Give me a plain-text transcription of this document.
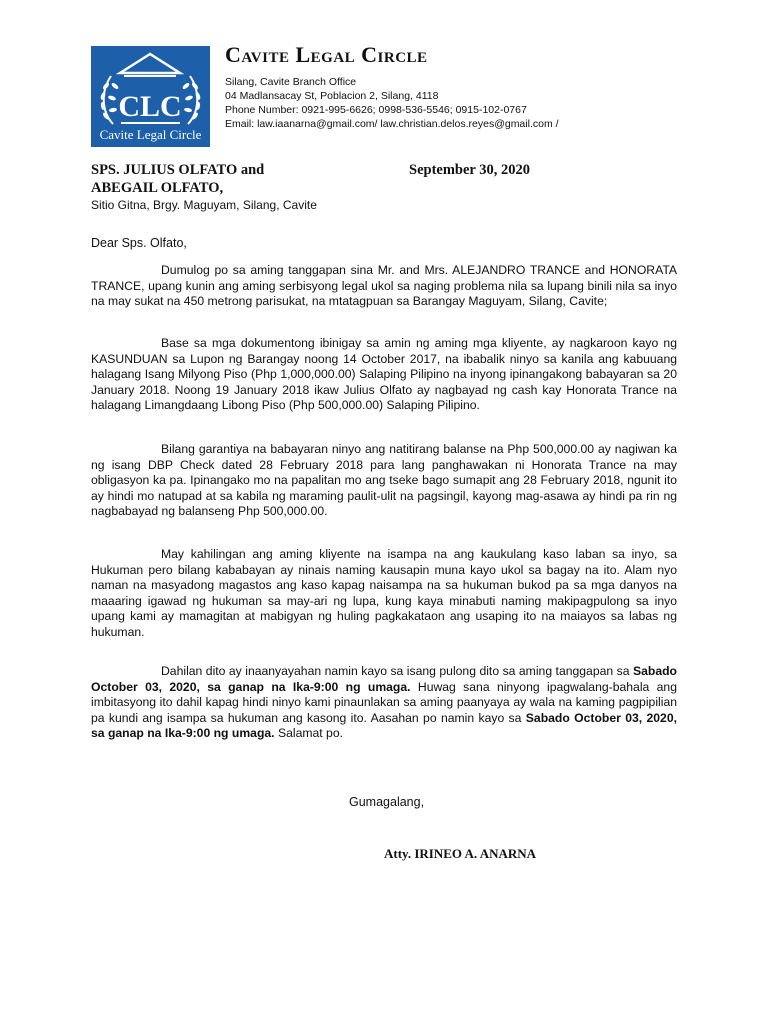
CLC
Cavite Legal Circle
Cavite Legal Circle
Silang, Cavite Branch Office
04 Madlansacay St, Poblacion 2, Silang, 4118
Phone Number: 0921-995-6626; 0998-536-5546; 0915-102-0767
Email: law.iaanarna@gmail.com/ law.christian.delos.reyes@gmail.com /
SPS. JULIUS OLFATO and	September 30, 2020
ABEGAIL OLFATO,
Sitio Gitna, Brgy. Maguyam, Silang, Cavite
Dear Sps. Olfato,

Dumulog po sa aming tanggapan sina Mr. and Mrs. ALEJANDRO TRANCE and HONORATA TRANCE, upang kunin ang aming serbisyong legal ukol sa naging problema nila sa lupang binili nila sa inyo na may sukat na 450 metrong parisukat, na mtatagpuan sa Barangay Maguyam, Silang, Cavite;

Base sa mga dokumentong ibinigay sa amin ng aming mga kliyente, ay nagkaroon kayo ng KASUNDUAN sa Lupon ng Barangay noong 14 October 2017, na ibabalik ninyo sa kanila ang kabuuang halagang Isang Milyong Piso (Php 1,000,000.00) Salaping Pilipino na inyong ipinangakong babayaran sa 20 January 2018. Noong 19 January 2018 ikaw Julius Olfato ay nagbayad ng cash kay Honorata Trance na halagang Limangdaang Libong Piso (Php 500,000.00) Salaping Pilipino.

Bilang garantiya na babayaran ninyo ang natitirang balanse na Php 500,000.00 ay nagiwan ka ng isang DBP Check dated 28 February 2018 para lang panghawakan ni Honorata Trance na may obligasyon ka pa. Ipinangako mo na papalitan mo ang tseke bago sumapit ang 28 February 2018, ngunit ito ay hindi mo natupad at sa kabila ng maraming paulit-ulit na pagsingil, kayong mag-asawa ay hindi pa rin ng nagbabayad ng balanseng Php 500,000.00.

May kahilingan ang aming kliyente na isampa na ang kaukulang kaso laban sa inyo, sa Hukuman pero bilang kababayan ay ninais naming kausapin muna kayo ukol sa bagay na ito. Alam nyo naman na masyadong magastos ang kaso kapag naisampa na sa hukuman bukod pa sa mga danyos na maaaring igawad ng hukuman sa may-ari ng lupa, kung kaya minabuti naming makipagpulong sa inyo upang kami ay mamagitan at mabigyan ng huling pagkakataon ang usaping ito na maiayos sa labas ng hukuman.

Dahilan dito ay inaanyayahan namin kayo sa isang pulong dito sa aming tanggapan sa Sabado October 03, 2020, sa ganap na Ika-9:00 ng umaga. Huwag sana ninyong ipagwalang-bahala ang imbitasyong ito dahil kapag hindi ninyo kami pinaunlakan sa aming paanyaya ay wala na kaming pagpipilian pa kundi ang isampa sa hukuman ang kasong ito. Aasahan po namin kayo sa Sabado October 03, 2020, sa ganap na Ika-9:00 ng umaga. Salamat po.

Gumagalang,
Atty. IRINEO A. ANARNA
